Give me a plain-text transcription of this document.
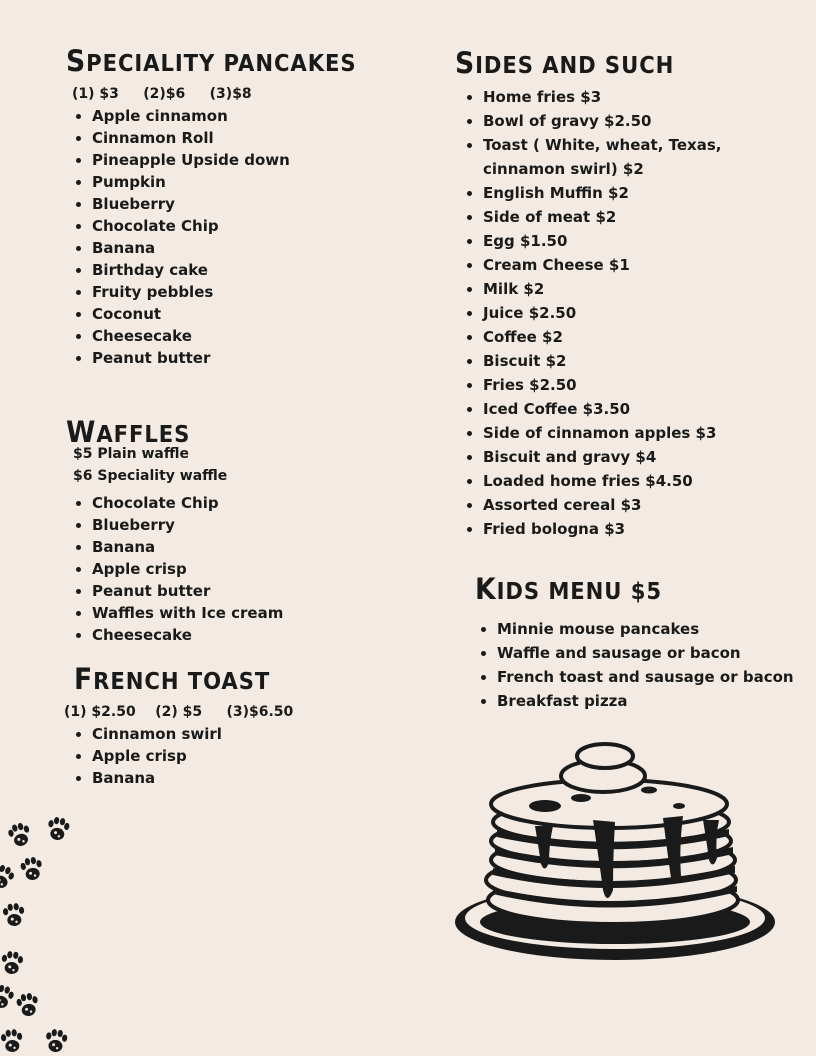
SPECIALITY PANCAKES

(1) $3     (2)$6     (3)$8

• Apple cinnamon
• Cinnamon Roll
• Pineapple Upside down
• Pumpkin
• Blueberry
• Chocolate Chip
• Banana
• Birthday cake
• Fruity pebbles
• Coconut
• Cheesecake
• Peanut butter
WAFFLES

$5 Plain waffle

$6 Speciality waffle

• Chocolate Chip
• Blueberry
• Banana
• Apple crisp
• Peanut butter
• Waffles with Ice cream
• Cheesecake
FRENCH TOAST

(1) $2.50    (2) $5     (3)$6.50

• Cinnamon swirl
• Apple crisp
• Banana
SIDES AND SUCH
• Home fries $3
• Bowl of gravy $2.50
• Toast ( White, wheat, Texas, cinnamon swirl) $2
• English Muffin $2
• Side of meat $2
• Egg $1.50
• Cream Cheese $1
• Milk $2
• Juice $2.50
• Coffee $2
• Biscuit $2
• Fries $2.50
• Iced Coffee $3.50
• Side of cinnamon apples $3
• Biscuit and gravy $4
• Loaded home fries $4.50
• Assorted cereal $3
• Fried bologna $3
KIDS MENU $5
• Minnie mouse pancakes
• Waffle and sausage or bacon
• French toast and sausage or bacon
• Breakfast pizza
